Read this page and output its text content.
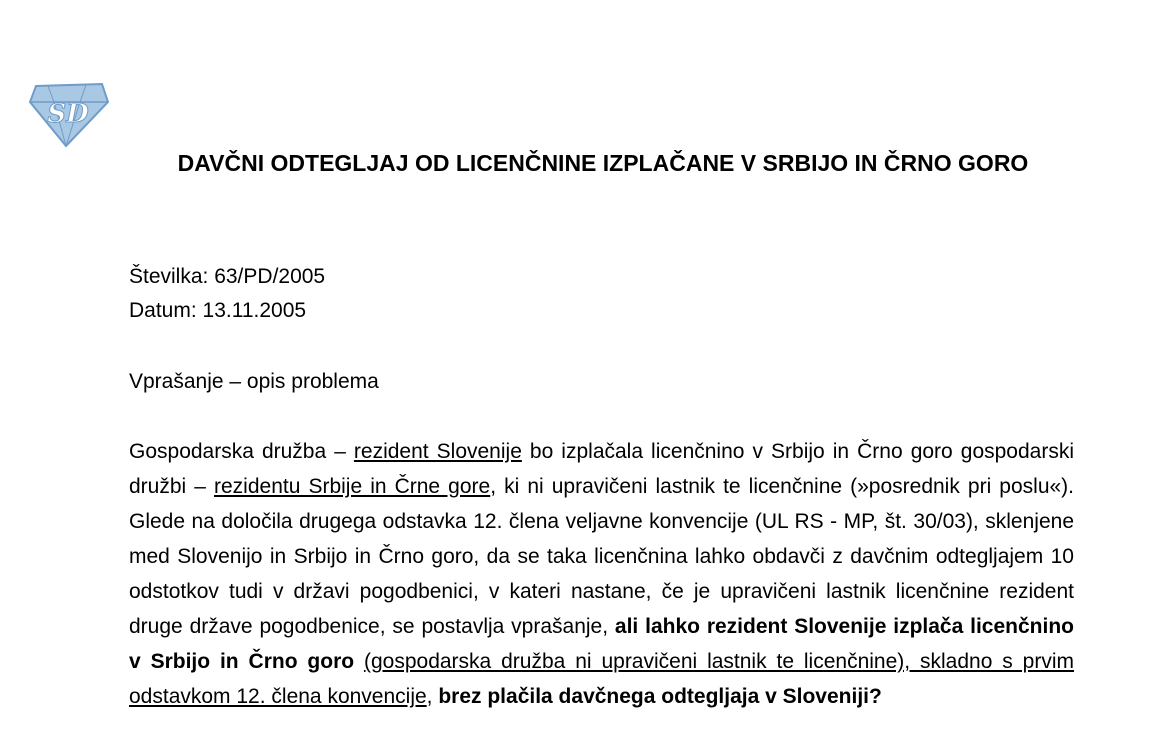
SD
DAVČNI ODTEGLJAJ OD LICENČNINE IZPLAČANE V SRBIJO IN ČRNO GORO

Številka: 63/PD/2005

Datum: 13.11.2005

Vprašanje – opis problema

Gospodarska družba – rezident Slovenije bo izplačala licenčnino v Srbijo in Črno goro gospodarski družbi – rezidentu Srbije in Črne gore, ki ni upravičeni lastnik te licenčnine (»posrednik pri poslu«). Glede na določila drugega odstavka 12. člena veljavne konvencije (UL RS - MP, št. 30/03), sklenjene med Slovenijo in Srbijo in Črno goro, da se taka licenčnina lahko obdavči z davčnim odtegljajem 10 odstotkov tudi v državi pogodbenici, v kateri nastane, če je upravičeni lastnik licenčnine rezident druge države pogodbenice, se postavlja vprašanje, ali lahko rezident Slovenije izplača licenčnino v Srbijo in Črno goro (gospodarska družba ni upravičeni lastnik te licenčnine), skladno s prvim odstavkom 12. člena konvencije, brez plačila davčnega odtegljaja v Sloveniji?
